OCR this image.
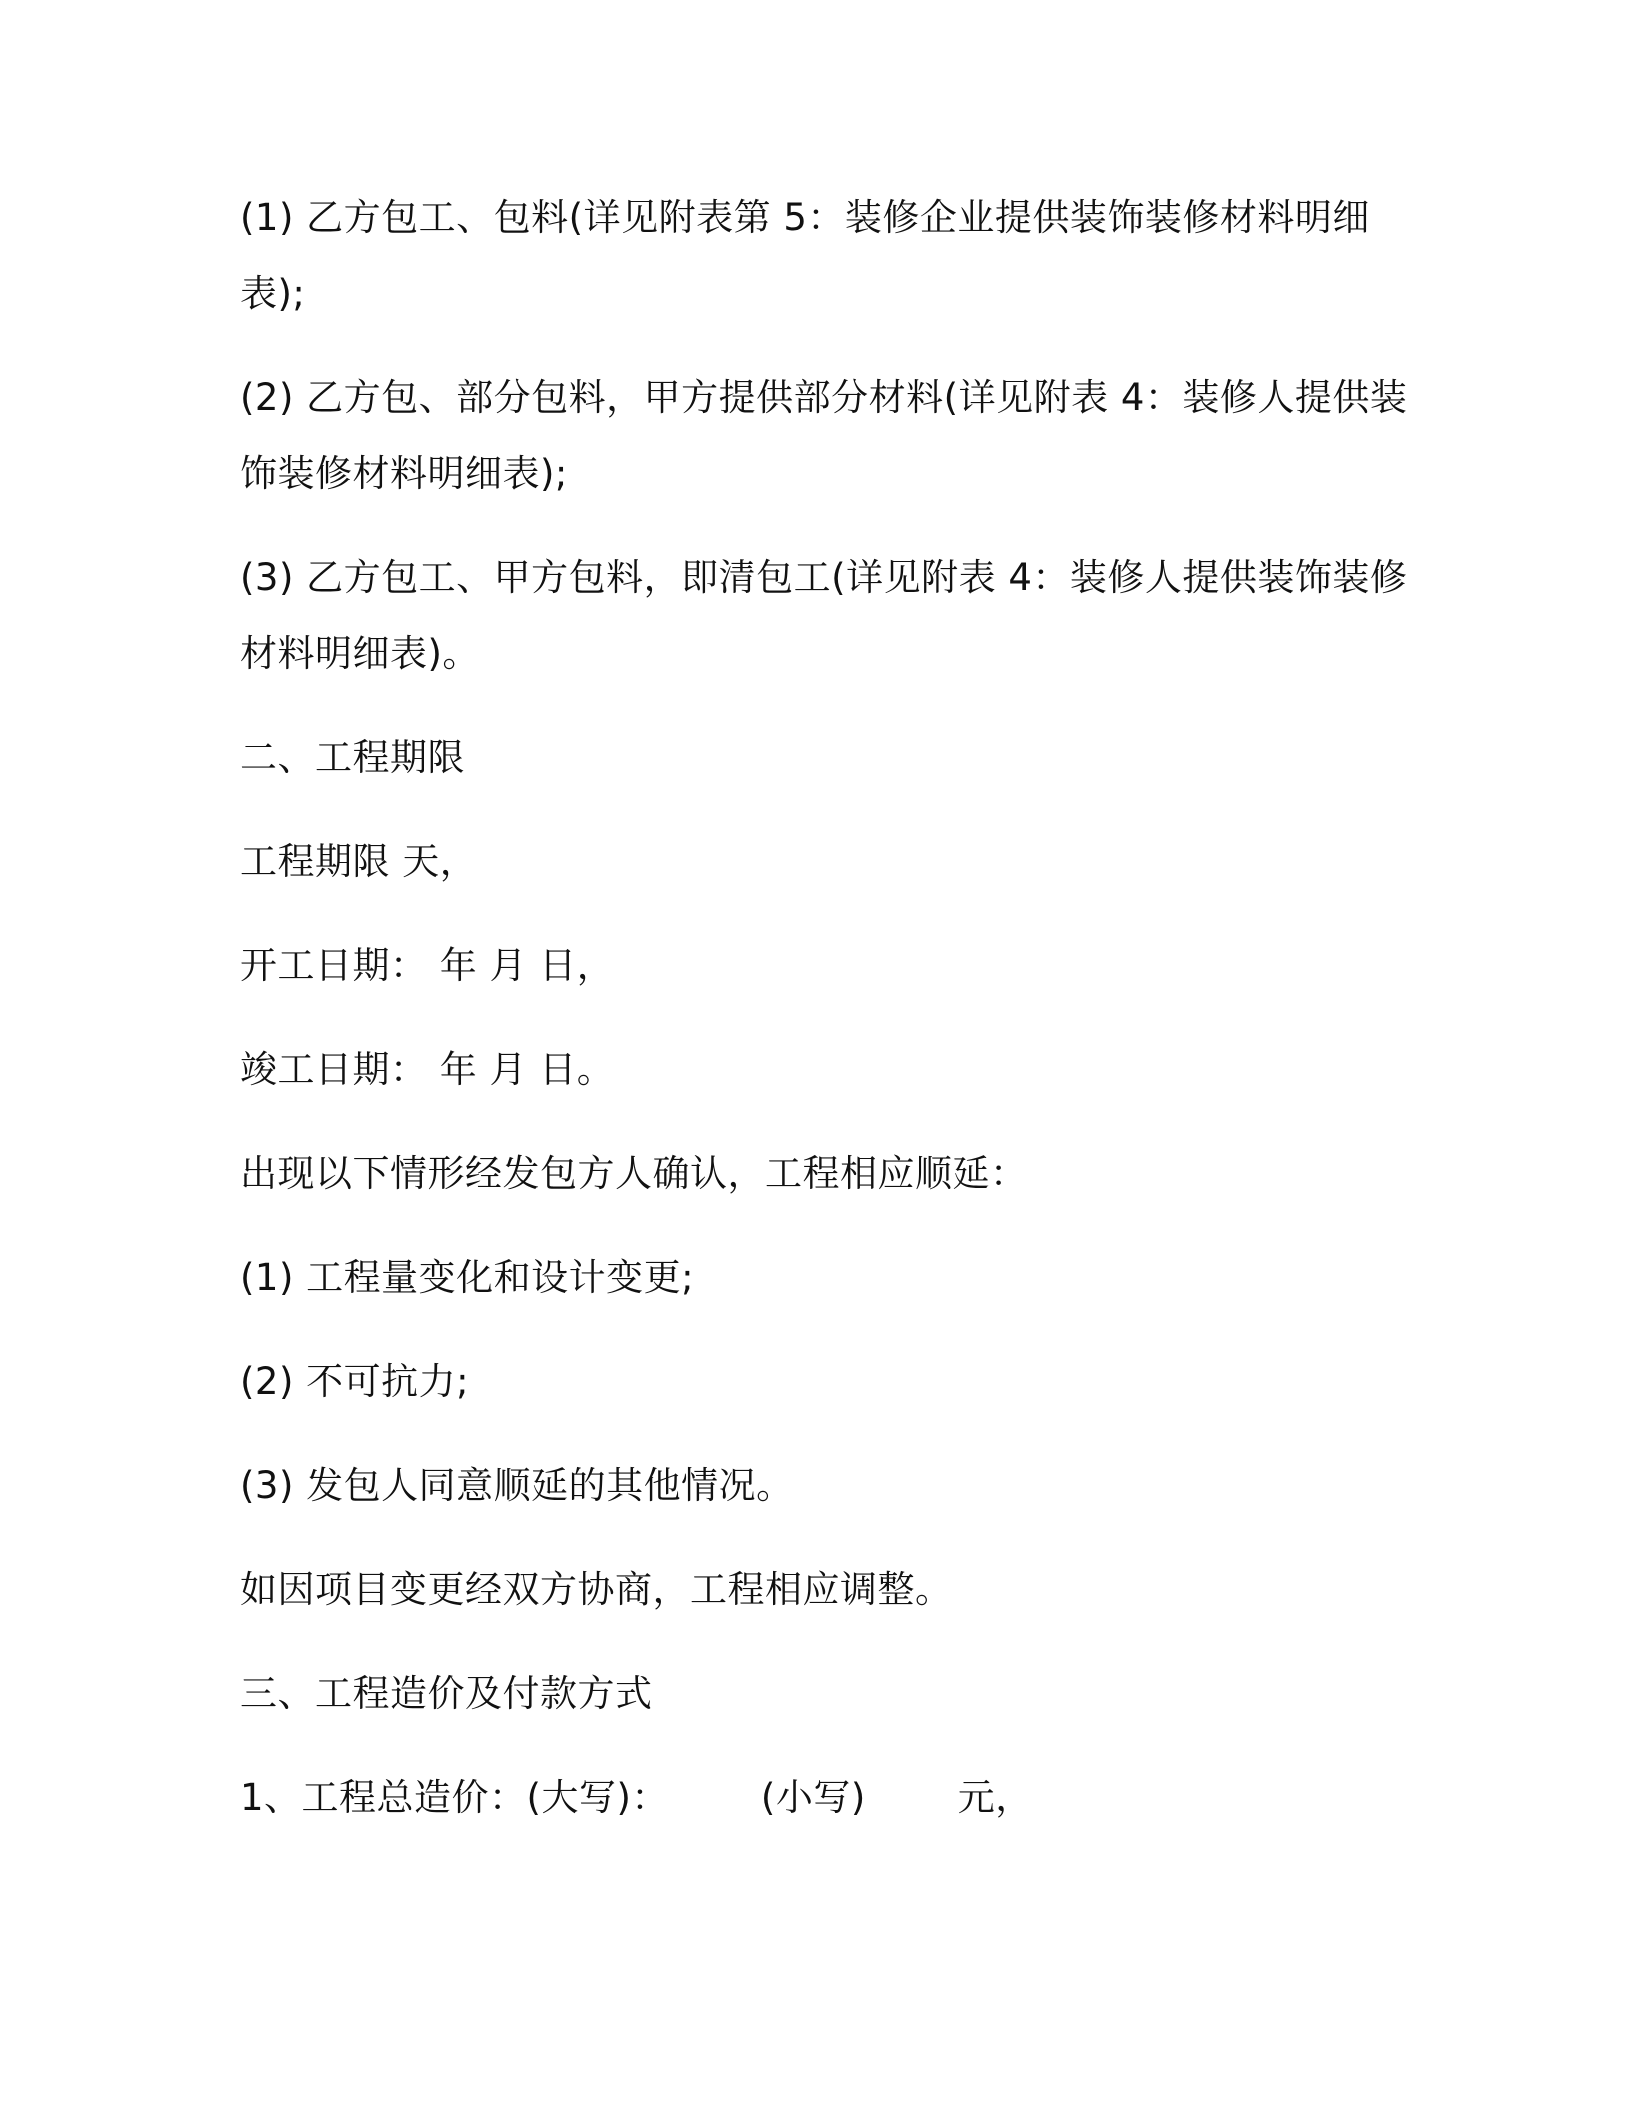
(1) 乙方包工、包料(详见附表第 5：装修企业提供装饰装修材料明细
表);
(2) 乙方包、部分包料，甲方提供部分材料(详见附表 4：装修人提供装
饰装修材料明细表);
(3) 乙方包工、甲方包料，即清包工(详见附表 4：装修人提供装饰装修
材料明细表)。
二、工程期限
工程期限 天，
开工日期： 年 月 日，
竣工日期： 年 月 日。
出现以下情形经发包方人确认，工程相应顺延：
(1) 工程量变化和设计变更;
(2) 不可抗力;
(3) 发包人同意顺延的其他情况。
如因项目变更经双方协商，工程相应调整。
三、工程造价及付款方式
1、工程总造价：(大写)： (小写) 元，
